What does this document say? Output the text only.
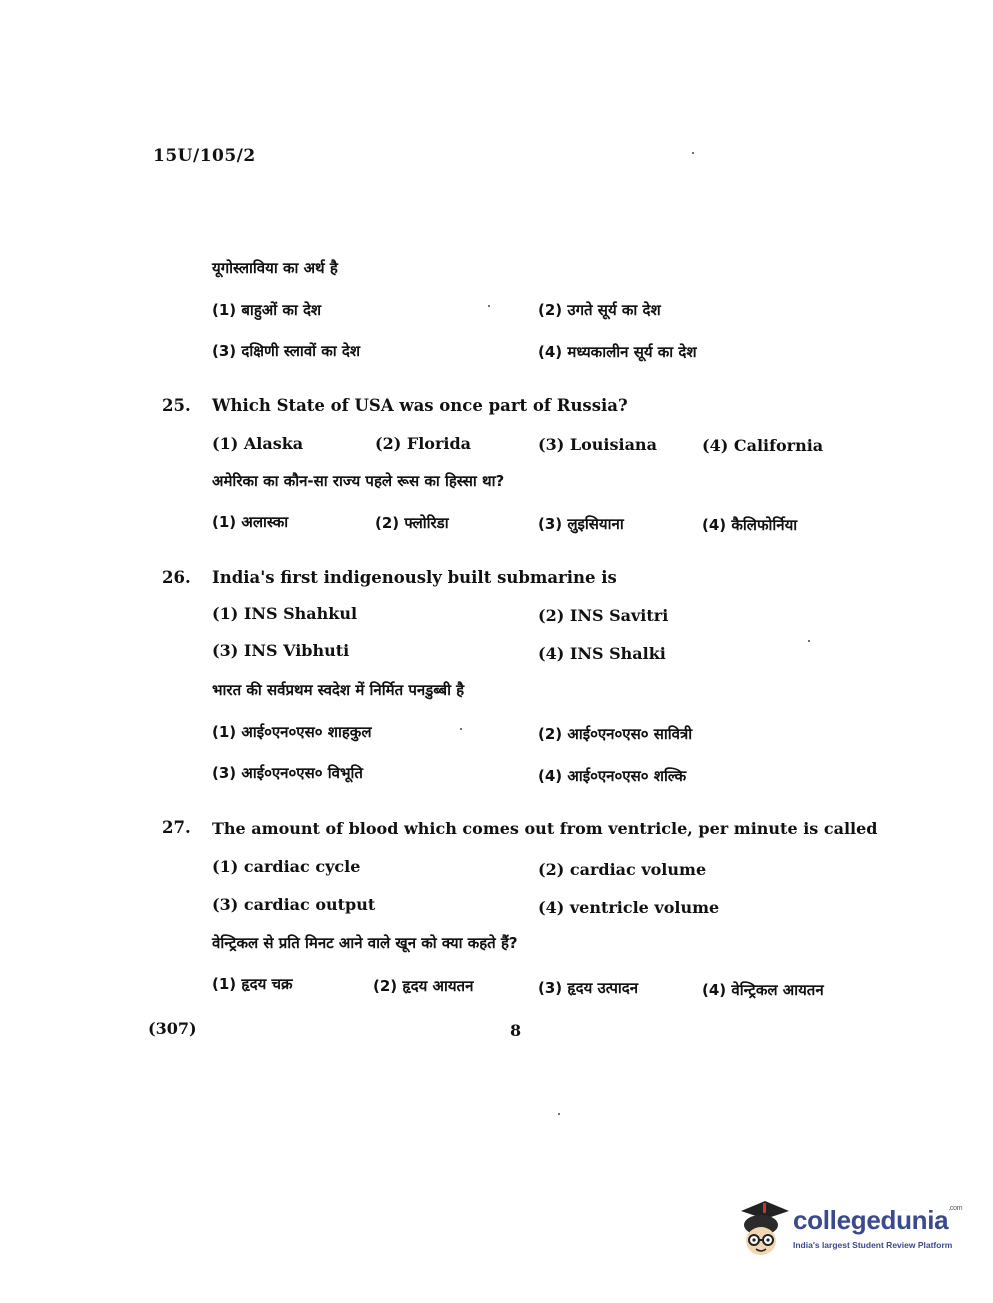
15U/105/2
यूगोस्लाविया का अर्थ है
(1) बाहुओं का देश	(2) उगते सूर्य का देश
(3) दक्षिणी स्लावों का देश	(4) मध्यकालीन सूर्य का देश
25. Which State of USA was once part of Russia?
(1) Alaska	(2) Florida	(3) Louisiana	(4) California
अमेरिका का कौन-सा राज्य पहले रूस का हिस्सा था?
(1) अलास्का	(2) फ्लोरिडा	(3) लुइसियाना	(4) कैलिफोर्निया
26. India's first indigenously built submarine is
(1) INS Shahkul	(2) INS Savitri
(3) INS Vibhuti	(4) INS Shalki
भारत की सर्वप्रथम स्वदेश में निर्मित पनडुब्बी है
(1) आई०एन०एस० शाहकुल	(2) आई०एन०एस० सावित्री
(3) आई०एन०एस० विभूति	(4) आई०एन०एस० शल्कि
27. The amount of blood which comes out from ventricle, per minute is called
(1) cardiac cycle	(2) cardiac volume
(3) cardiac output	(4) ventricle volume
वेन्ट्रिकल से प्रति मिनट आने वाले खून को क्या कहते हैं?
(1) हृदय चक्र	(2) हृदय आयतन	(3) हृदय उत्पादन	(4) वेन्ट्रिकल आयतन
(307)	8
collegedunia$^{.com}$
India's largest Student Review Platform
